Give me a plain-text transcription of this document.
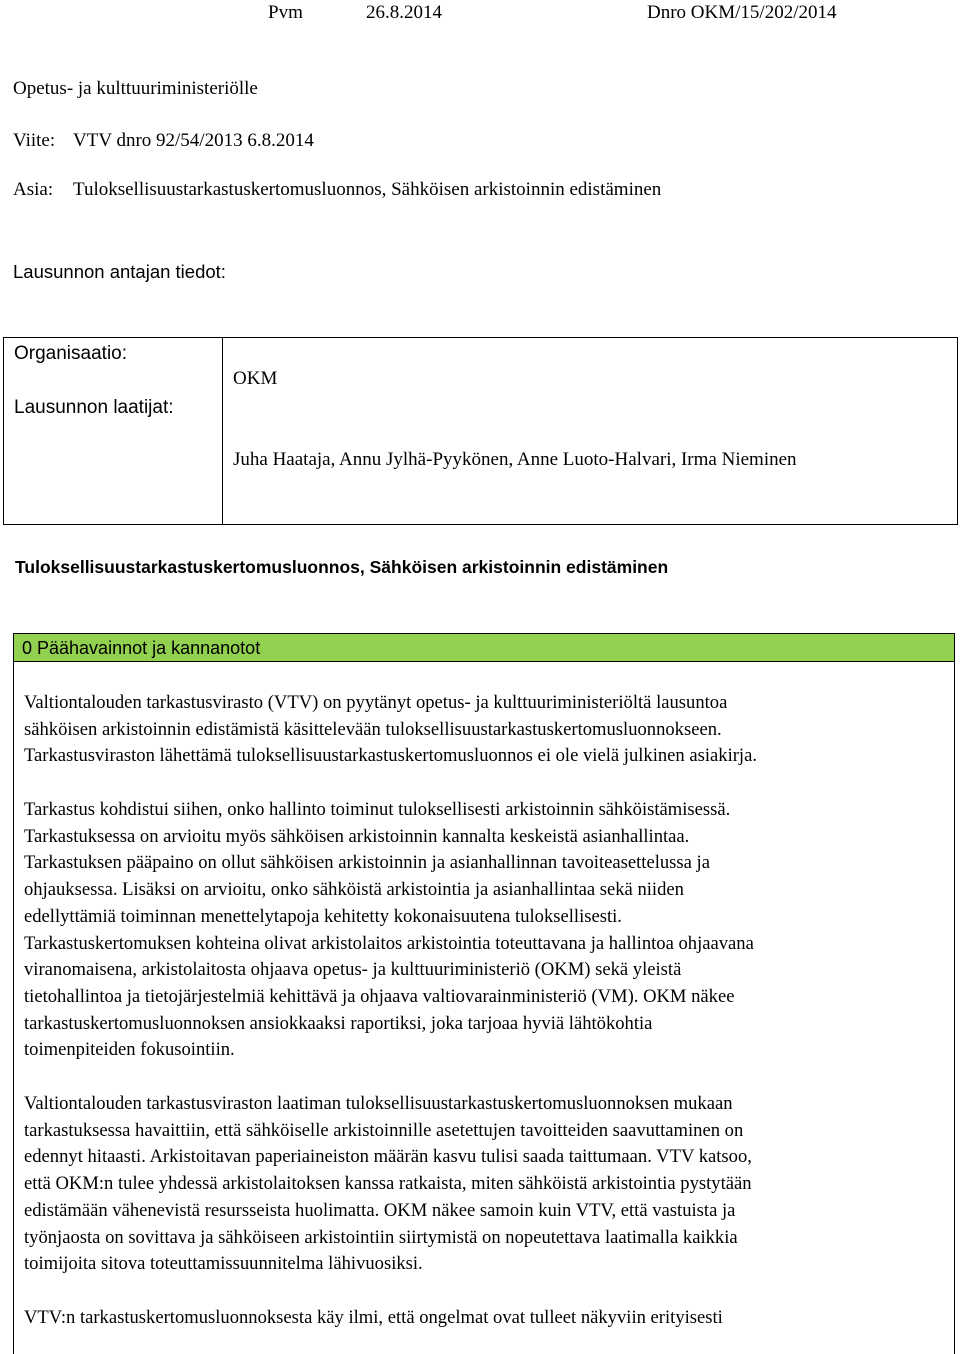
Pvm	26.8.2014	Dnro OKM/15/202/2014
Opetus- ja kulttuuriministeriölle
Viite: VTV dnro 92/54/2013 6.8.2014
Asia: Tuloksellisuustarkastuskertomusluonnos, Sähköisen arkistoinnin edistäminen
Lausunnon antajan tiedot:
Organisaatio:
Lausunnon laatijat:
OKM
Juha Haataja, Annu Jylhä-Pyykönen, Anne Luoto-Halvari, Irma Nieminen
Tuloksellisuustarkastuskertomusluonnos, Sähköisen arkistoinnin edistäminen
0 Päähavainnot ja kannanotot

Valtiontalouden tarkastusvirasto (VTV) on pyytänyt opetus- ja kulttuuriministeriöltä lausuntoa
sähköisen arkistoinnin edistämistä käsittelevään tuloksellisuustarkastuskertomusluonnokseen.
Tarkastusviraston lähettämä tuloksellisuustarkastuskertomusluonnos ei ole vielä julkinen asiakirja.

Tarkastus kohdistui siihen, onko hallinto toiminut tuloksellisesti arkistoinnin sähköistämisessä.
Tarkastuksessa on arvioitu myös sähköisen arkistoinnin kannalta keskeistä asianhallintaa.
Tarkastuksen pääpaino on ollut sähköisen arkistoinnin ja asianhallinnan tavoiteasettelussa ja
ohjauksessa. Lisäksi on arvioitu, onko sähköistä arkistointia ja asianhallintaa sekä niiden
edellyttämiä toiminnan menettelytapoja kehitetty kokonaisuutena tuloksellisesti.
Tarkastuskertomuksen kohteina olivat arkistolaitos arkistointia toteuttavana ja hallintoa ohjaavana
viranomaisena, arkistolaitosta ohjaava opetus- ja kulttuuriministeriö (OKM) sekä yleistä
tietohallintoa ja tietojärjestelmiä kehittävä ja ohjaava valtiovarainministeriö (VM). OKM näkee
tarkastuskertomusluonnoksen ansiokkaaksi raportiksi, joka tarjoaa hyviä lähtökohtia
toimenpiteiden fokusointiin.

Valtiontalouden tarkastusviraston laatiman tuloksellisuustarkastuskertomusluonnoksen mukaan
tarkastuksessa havaittiin, että sähköiselle arkistoinnille asetettujen tavoitteiden saavuttaminen on
edennyt hitaasti. Arkistoitavan paperiaineiston määrän kasvu tulisi saada taittumaan. VTV katsoo,
että OKM:n tulee yhdessä arkistolaitoksen kanssa ratkaista, miten sähköistä arkistointia pystytään
edistämään vähenevistä resursseista huolimatta. OKM näkee samoin kuin VTV, että vastuista ja
työnjaosta on sovittava ja sähköiseen arkistointiin siirtymistä on nopeutettava laatimalla kaikkia
toimijoita sitova toteuttamissuunnitelma lähivuosiksi.

VTV:n tarkastuskertomusluonnoksesta käy ilmi, että ongelmat ovat tulleet näkyviin erityisesti
